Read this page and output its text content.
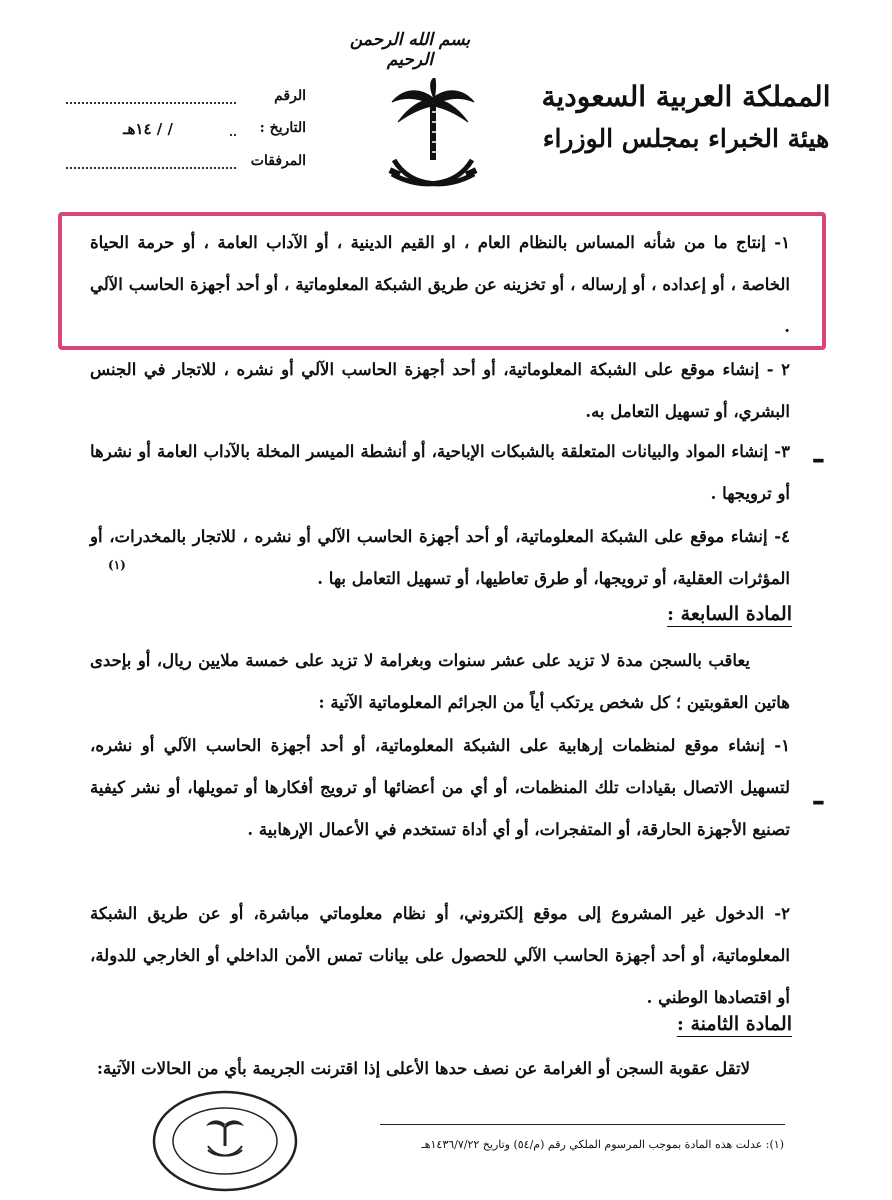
بسم الله الرحمن الرحيم
المملكة العربية السعودية
هيئة الخبراء بمجلس الوزراء
الرقم
التاريخ :
/ / ١٤هـ
المرفقات

١- إنتاج ما من شأنه المساس بالنظام العام ، او القيم الدينية ، أو الآداب العامة ، أو حرمة الحياة الخاصة ، أو إعداده ، أو إرساله ، أو تخزينه عن طريق الشبكة المعلوماتية ، أو أحد أجهزة الحاسب الآلي .

٢ - إنشاء موقع على الشبكة المعلوماتية، أو أحد أجهزة الحاسب الآلي أو نشره ، للاتجار في الجنس البشري، أو تسهيل التعامل به.

٣- إنشاء المواد والبيانات المتعلقة بالشبكات الإباحية، أو أنشطة الميسر المخلة بالآداب العامة أو نشرها أو ترويجها .

ـ

٤- إنشاء موقع على الشبكة المعلوماتية، أو أحد أجهزة الحاسب الآلي أو نشره ، للاتجار بالمخدرات، أو المؤثرات العقلية، أو ترويجها، أو طرق تعاطيها، أو تسهيل التعامل بها .

(١)
المادة السابعة :

يعاقب بالسجن مدة لا تزيد على عشر سنوات وبغرامة لا تزيد على خمسة ملايين ريال، أو بإحدى هاتين العقوبتين ؛ كل شخص يرتكب أياً من الجرائم المعلوماتية الآتية :

١- إنشاء موقع لمنظمات إرهابية على الشبكة المعلوماتية، أو أحد أجهزة الحاسب الآلي أو نشره، لتسهيل الاتصال بقيادات تلك المنظمات، أو أي من أعضائها أو ترويج أفكارها أو تمويلها، أو نشر كيفية تصنيع الأجهزة الحارقة، أو المتفجرات، أو أي أداة تستخدم في الأعمال الإرهابية .

ـ

٢- الدخول غير المشروع إلى موقع إلكتروني، أو نظام معلوماتي مباشرة، أو عن طريق الشبكة المعلوماتية، أو أحد أجهزة الحاسب الآلي للحصول على بيانات تمس الأمن الداخلي أو الخارجي للدولة، أو اقتصادها الوطني .

المادة الثامنة :

لاتقل عقوبة السجن أو الغرامة عن نصف حدها الأعلى إذا اقترنت الجريمة بأي من الحالات الآتية:

(١): عدلت هذه المادة بموجب المرسوم الملكي رقم (م/٥٤) وتاريخ ١٤٣٦/٧/٢٢هـ
